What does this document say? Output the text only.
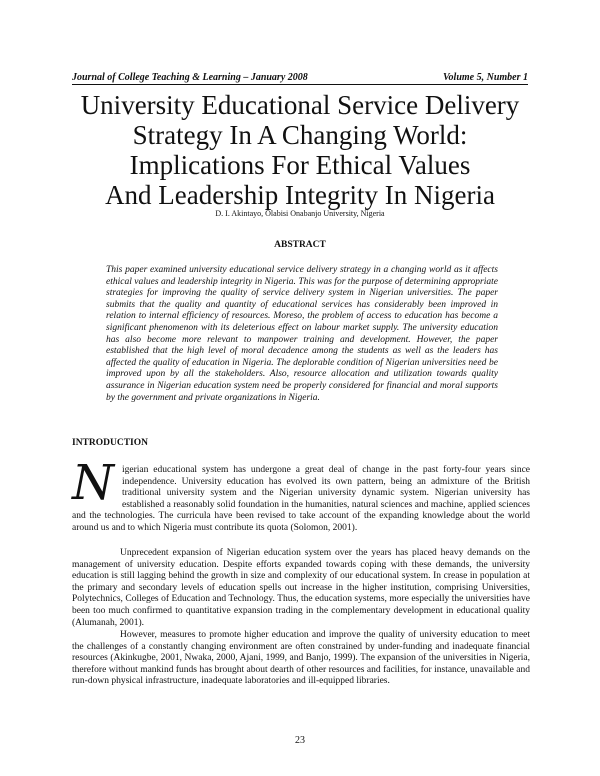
Journal of College Teaching & Learning – January 2008	Volume 5, Number 1
University Educational Service Delivery
Strategy In A Changing World:
Implications For Ethical Values
And Leadership Integrity In Nigeria
D. I. Akintayo, Olabisi Onabanjo University, Nigeria
ABSTRACT

This paper examined university educational service delivery strategy in a changing world as it affects ethical values and leadership integrity in Nigeria. This was for the purpose of determining appropriate strategies for improving the quality of service delivery system in Nigerian universities. The paper submits that the quality and quantity of educational services has considerably been improved in relation to internal efficiency of resources. Moreso, the problem of access to education has become a significant phenomenon with its deleterious effect on labour market supply. The university education has also become more relevant to manpower training and development. However, the paper established that the high level of moral decadence among the students as well as the leaders has affected the quality of education in Nigeria. The deplorable condition of Nigerian universities need be improved upon by all the stakeholders. Also, resource allocation and utilization towards quality assurance in Nigerian education system need be properly considered for financial and moral supports by the government and private organizations in Nigeria.

INTRODUCTION

Nigerian educational system has undergone a great deal of change in the past forty-four years since independence. University education has evolved its own pattern, being an admixture of the British traditional university system and the Nigerian university dynamic system. Nigerian university has established a reasonably solid foundation in the humanities, natural sciences and machine, applied sciences and the technologies. The curricula have been revised to take account of the expanding knowledge about the world around us and to which Nigeria must contribute its quota (Solomon, 2001).

Unprecedent expansion of Nigerian education system over the years has placed heavy demands on the management of university education. Despite efforts expanded towards coping with these demands, the university education is still lagging behind the growth in size and complexity of our educational system. In crease in population at the primary and secondary levels of education spells out increase in the higher institution, comprising Universities, Polytechnics, Colleges of Education and Technology. Thus, the education systems, more especially the universities have been too much confirmed to quantitative expansion trading in the complementary development in educational quality (Alumanah, 2001).

However, measures to promote higher education and improve the quality of university education to meet the challenges of a constantly changing environment are often constrained by under-funding and inadequate financial resources (Akinkugbe, 2001, Nwaka, 2000, Ajani, 1999, and Banjo, 1999). The expansion of the universities in Nigeria, therefore without mankind funds has brought about dearth of other resources and facilities, for instance, unavailable and run-down physical infrastructure, inadequate laboratories and ill-equipped libraries.

23
